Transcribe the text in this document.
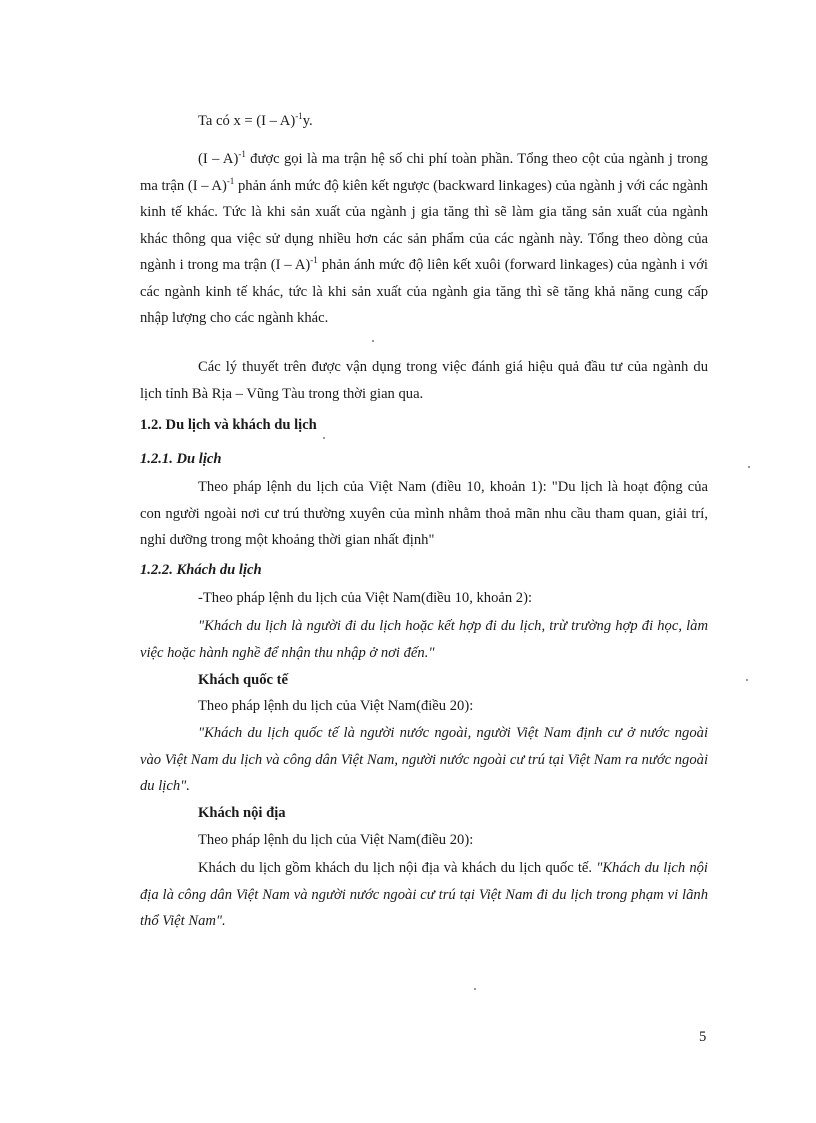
Ta có x = (I – A)$^{-1}$y.

(I – A)$^{-1}$ được gọi là ma trận hệ số chi phí toàn phần. Tổng theo cột của ngành j trong ma trận (I – A)$^{-1}$ phản ánh mức độ kiên kết ngược (backward linkages) của ngành j với các ngành kinh tế khác. Tức là khi sản xuất của ngành j gia tăng thì sẽ làm gia tăng sản xuất của ngành khác thông qua việc sử dụng nhiều hơn các sản phẩm của các ngành này. Tổng theo dòng của ngành i trong ma trận (I – A)$^{-1}$ phản ánh mức độ liên kết xuôi (forward linkages) của ngành i với các ngành kinh tế khác, tức là khi sản xuất của ngành gia tăng thì sẽ tăng khả năng cung cấp nhập lượng cho các ngành khác.

Các lý thuyết trên được vận dụng trong việc đánh giá hiệu quả đầu tư của ngành du lịch tỉnh Bà Rịa – Vũng Tàu trong thời gian qua.

1.2. Du lịch và khách du lịch
1.2.1. Du lịch

Theo pháp lệnh du lịch của Việt Nam (điều 10, khoản 1): "Du lịch là hoạt động của con người ngoài nơi cư trú thường xuyên của mình nhằm thoả mãn nhu cầu tham quan, giải trí, nghỉ dưỡng trong một khoảng thời gian nhất định"

1.2.2. Khách du lịch
-Theo pháp lệnh du lịch của Việt Nam(điều 10, khoản 2):

"Khách du lịch là người đi du lịch hoặc kết hợp đi du lịch, trừ trường hợp đi học, làm việc hoặc hành nghề để nhận thu nhập ở nơi đến."

Khách quốc tế
Theo pháp lệnh du lịch của Việt Nam(điều 20):

"Khách du lịch quốc tế là người nước ngoài, người Việt Nam định cư ở nước ngoài vào Việt Nam du lịch và công dân Việt Nam, người nước ngoài cư trú tại Việt Nam ra nước ngoài du lịch".

Khách nội địa
Theo pháp lệnh du lịch của Việt Nam(điều 20):

Khách du lịch gồm khách du lịch nội địa và khách du lịch quốc tế. "Khách du lịch nội địa là công dân Việt Nam và người nước ngoài cư trú tại Việt Nam đi du lịch trong phạm vi lãnh thổ Việt Nam".

5
